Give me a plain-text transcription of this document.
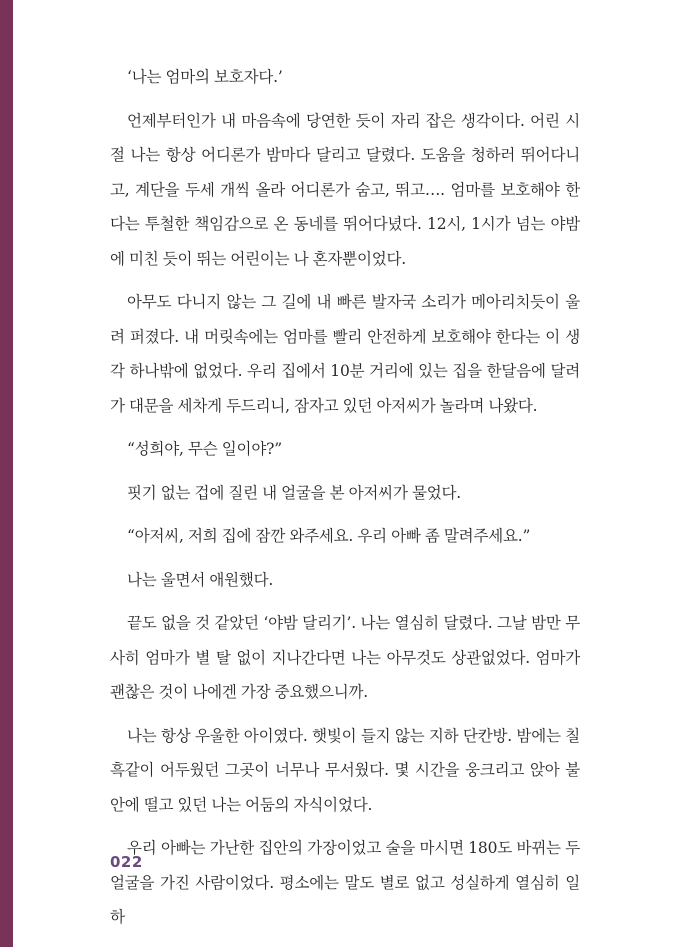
‘나는 엄마의 보호자다.’

언제부터인가 내 마음속에 당연한 듯이 자리 잡은 생각이다. 어린 시절 나는 항상 어디론가 밤마다 달리고 달렸다. 도움을 청하러 뛰어다니고, 계단을 두세 개씩 올라 어디론가 숨고, 뛰고…. 엄마를 보호해야 한다는 투철한 책임감으로 온 동네를 뛰어다녔다. 12시, 1시가 넘는 야밤에 미친 듯이 뛰는 어린이는 나 혼자뿐이었다.

아무도 다니지 않는 그 길에 내 빠른 발자국 소리가 메아리치듯이 울려 퍼졌다. 내 머릿속에는 엄마를 빨리 안전하게 보호해야 한다는 이 생각 하나밖에 없었다. 우리 집에서 10분 거리에 있는 집을 한달음에 달려가 대문을 세차게 두드리니, 잠자고 있던 아저씨가 놀라며 나왔다.

“성희야, 무슨 일이야?”

핏기 없는 겁에 질린 내 얼굴을 본 아저씨가 물었다.

“아저씨, 저희 집에 잠깐 와주세요. 우리 아빠 좀 말려주세요.”

나는 울면서 애원했다.

끝도 없을 것 같았던 ‘야밤 달리기’. 나는 열심히 달렸다. 그날 밤만 무사히 엄마가 별 탈 없이 지나간다면 나는 아무것도 상관없었다. 엄마가 괜찮은 것이 나에겐 가장 중요했으니까.

나는 항상 우울한 아이였다. 햇빛이 들지 않는 지하 단칸방. 밤에는 칠흑같이 어두웠던 그곳이 너무나 무서웠다. 몇 시간을 웅크리고 앉아 불안에 떨고 있던 나는 어둠의 자식이었다.

우리 아빠는 가난한 집안의 가장이었고 술을 마시면 180도 바뀌는 두 얼굴을 가진 사람이었다. 평소에는 말도 별로 없고 성실하게 열심히 일하

022
